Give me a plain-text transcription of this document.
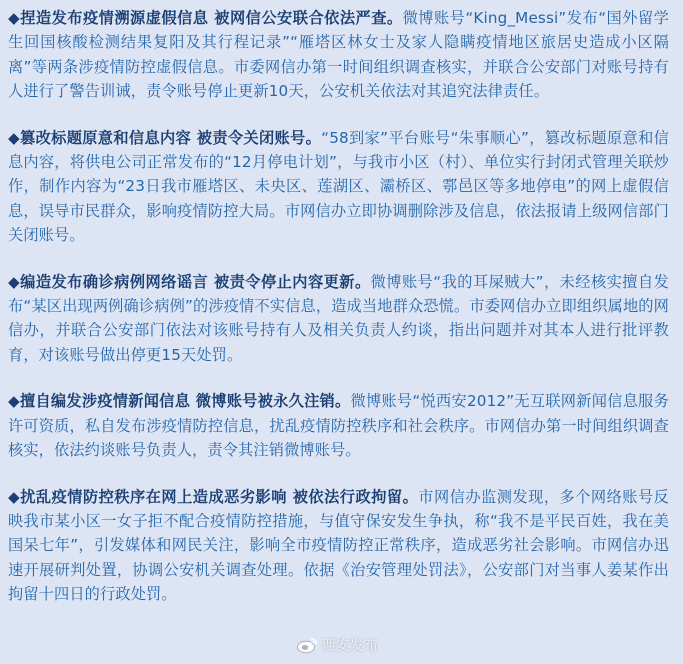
◆捏造发布疫情溯源虚假信息 被网信公安联合依法严查。微博账号“King_Messi”发布“国外留学生回国核酸检测结果复阳及其行程记录”“雁塔区林女士及家人隐瞒疫情地区旅居史造成小区隔离”等两条涉疫情防控虚假信息。市委网信办第一时间组织调查核实，并联合公安部门对账号持有人进行了警告训诫，责令账号停止更新10天，公安机关依法对其追究法律责任。

◆篡改标题原意和信息内容 被责令关闭账号。“58到家”平台账号“朱事顺心”，篡改标题原意和信息内容，将供电公司正常发布的“12月停电计划”，与我市小区（村）、单位实行封闭式管理关联炒作，制作内容为“23日我市雁塔区、未央区、莲湖区、灞桥区、鄠邑区等多地停电”的网上虚假信息，误导市民群众，影响疫情防控大局。市网信办立即协调删除涉及信息，依法报请上级网信部门关闭账号。

◆编造发布确诊病例网络谣言 被责令停止内容更新。微博账号“我的耳屎贼大”，未经核实擅自发布“某区出现两例确诊病例”的涉疫情不实信息，造成当地群众恐慌。市委网信办立即组织属地的网信办，并联合公安部门依法对该账号持有人及相关负责人约谈，指出问题并对其本人进行批评教育，对该账号做出停更15天处罚。

◆擅自编发涉疫情新闻信息 微博账号被永久注销。微博账号“悦西安2012”无互联网新闻信息服务许可资质，私自发布涉疫情防控信息，扰乱疫情防控秩序和社会秩序。市网信办第一时间组织调查核实，依法约谈账号负责人，责令其注销微博账号。

◆扰乱疫情防控秩序在网上造成恶劣影响 被依法行政拘留。市网信办监测发现，多个网络账号反映我市某小区一女子拒不配合疫情防控措施，与值守保安发生争执，称“我不是平民百姓，我在美国呆七年”，引发媒体和网民关注，影响全市疫情防控正常秩序，造成恶劣社会影响。市网信办迅速开展研判处置，协调公安机关调查处理。依据《治安管理处罚法》，公安部门对当事人姜某作出拘留十四日的行政处罚。

西安发布
